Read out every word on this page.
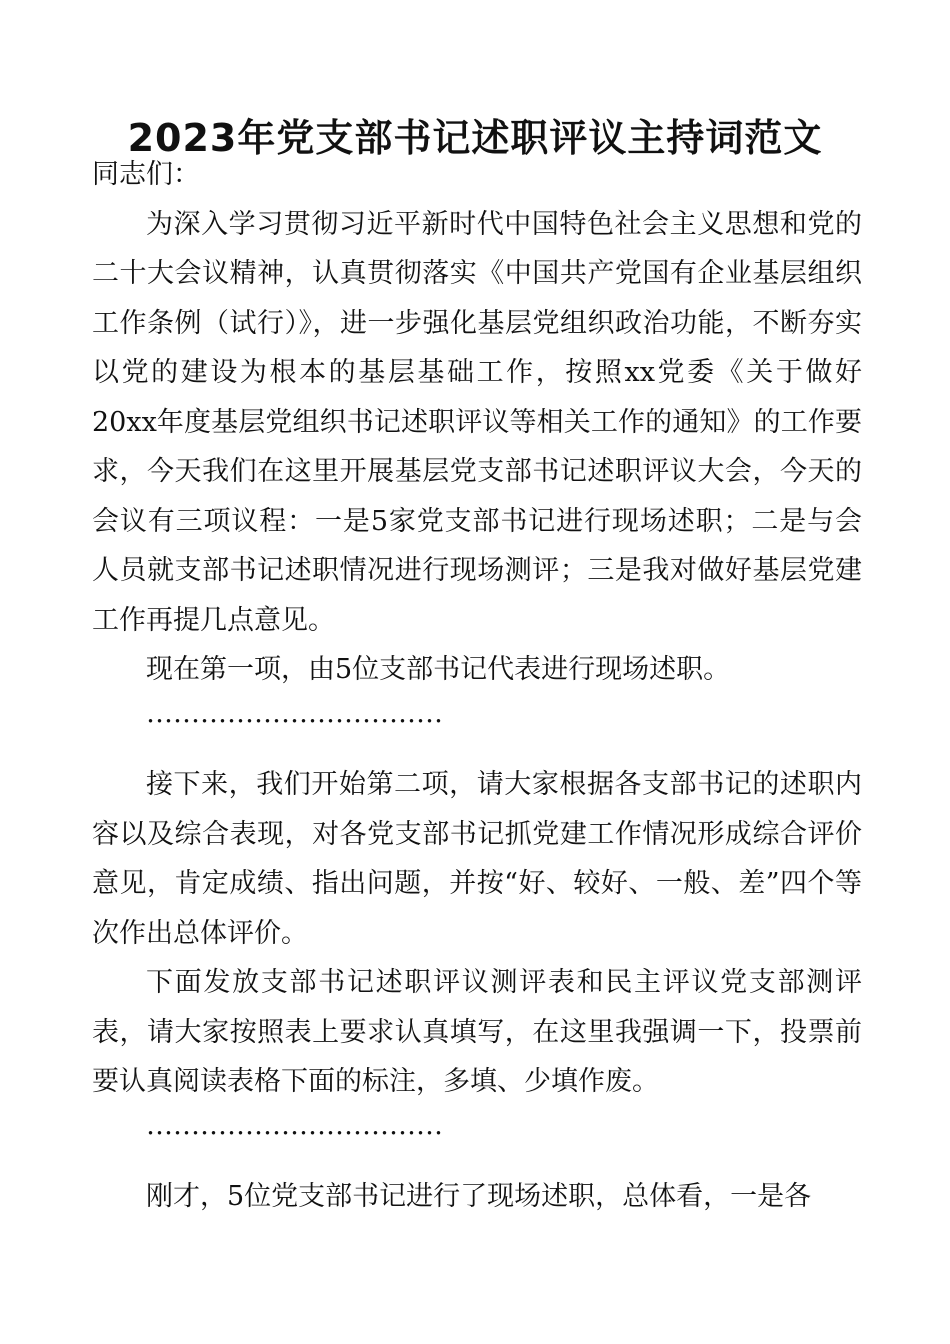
2023年党支部书记述职评议主持词范文

同志们：

为深入学习贯彻习近平新时代中国特色社会主义思想和党的二十大会议精神，认真贯彻落实《中国共产党国有企业基层组织工作条例（试行）》，进一步强化基层党组织政治功能，不断夯实以党的建设为根本的基层基础工作，按照xx党委《关于做好20xx年度基层党组织书记述职评议等相关工作的通知》的工作要求，今天我们在这里开展基层党支部书记述职评议大会，今天的会议有三项议程：一是5家党支部书记进行现场述职；二是与会人员就支部书记述职情况进行现场测评；三是我对做好基层党建工作再提几点意见。

现在第一项，由5位支部书记代表进行现场述职。

……………………………

接下来，我们开始第二项，请大家根据各支部书记的述职内容以及综合表现，对各党支部书记抓党建工作情况形成综合评价意见，肯定成绩、指出问题，并按“好、较好、一般、差”四个等次作出总体评价。

下面发放支部书记述职评议测评表和民主评议党支部测评表，请大家按照表上要求认真填写，在这里我强调一下，投票前要认真阅读表格下面的标注，多填、少填作废。

……………………………

刚才，5位党支部书记进行了现场述职，总体看，一是各
